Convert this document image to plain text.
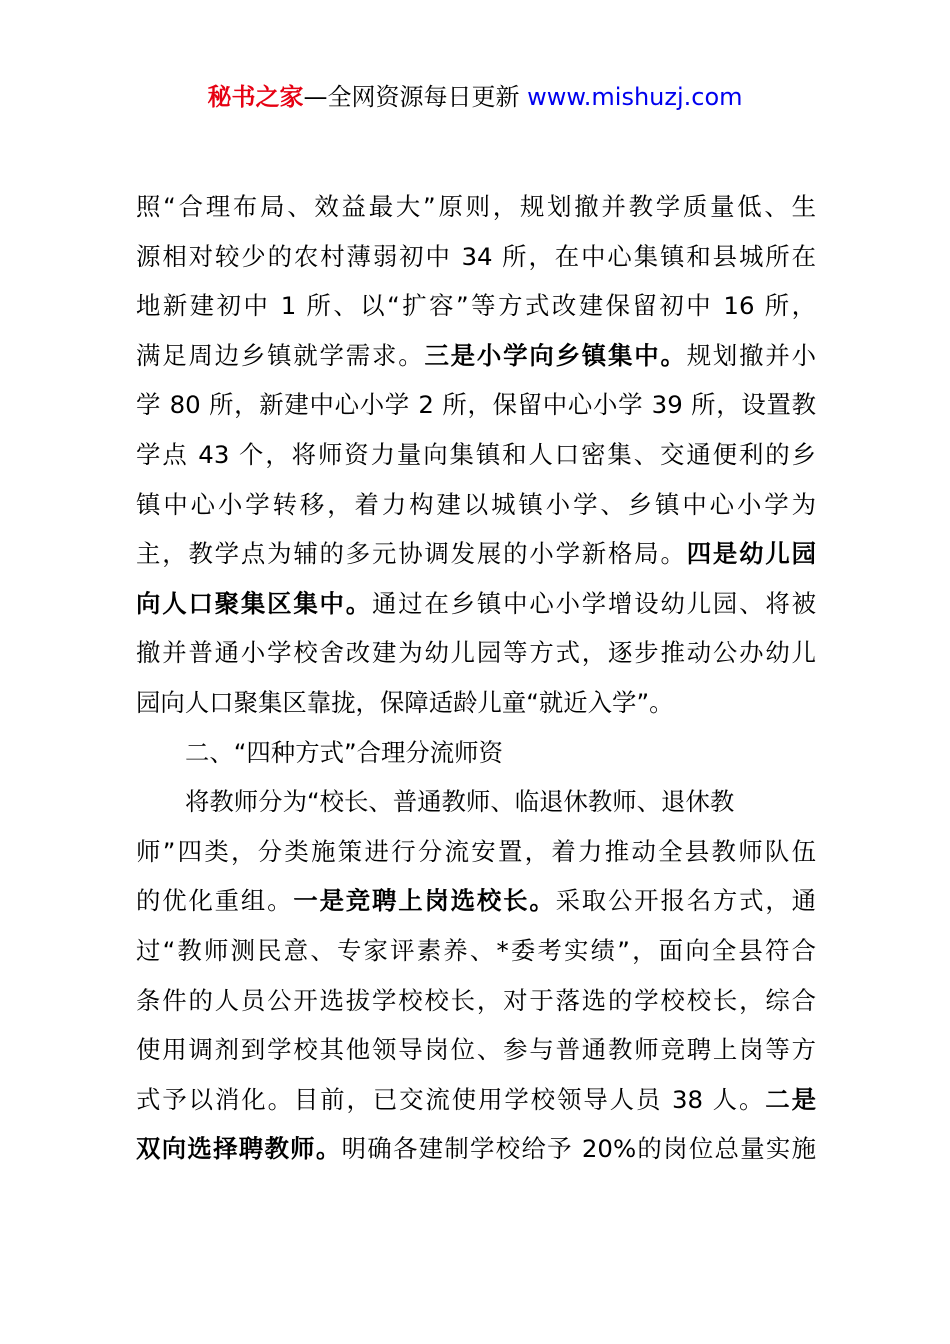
秘书之家—全网资源每日更新 www.mishuzj.com
照“合理布局、效益最大”原则，规划撤并教学质量低、生
源相对较少的农村薄弱初中 34 所，在中心集镇和县城所在
地新建初中 1 所、以“扩容”等方式改建保留初中 16 所，
满足周边乡镇就学需求。三是小学向乡镇集中。规划撤并小
学 80 所，新建中心小学 2 所，保留中心小学 39 所，设置教
学点 43 个，将师资力量向集镇和人口密集、交通便利的乡
镇中心小学转移，着力构建以城镇小学、乡镇中心小学为
主，教学点为辅的多元协调发展的小学新格局。四是幼儿园
向人口聚集区集中。通过在乡镇中心小学增设幼儿园、将被
撤并普通小学校舍改建为幼儿园等方式，逐步推动公办幼儿
园向人口聚集区靠拢，保障适龄儿童“就近入学”。
二、“四种方式”合理分流师资
将教师分为“校长、普通教师、临退休教师、退休教
师”四类，分类施策进行分流安置，着力推动全县教师队伍
的优化重组。一是竞聘上岗选校长。采取公开报名方式，通
过“教师测民意、专家评素养、*委考实绩”，面向全县符合
条件的人员公开选拔学校校长，对于落选的学校校长，综合
使用调剂到学校其他领导岗位、参与普通教师竞聘上岗等方
式予以消化。目前，已交流使用学校领导人员 38 人。二是
双向选择聘教师。明确各建制学校给予 20%的岗位总量实施
